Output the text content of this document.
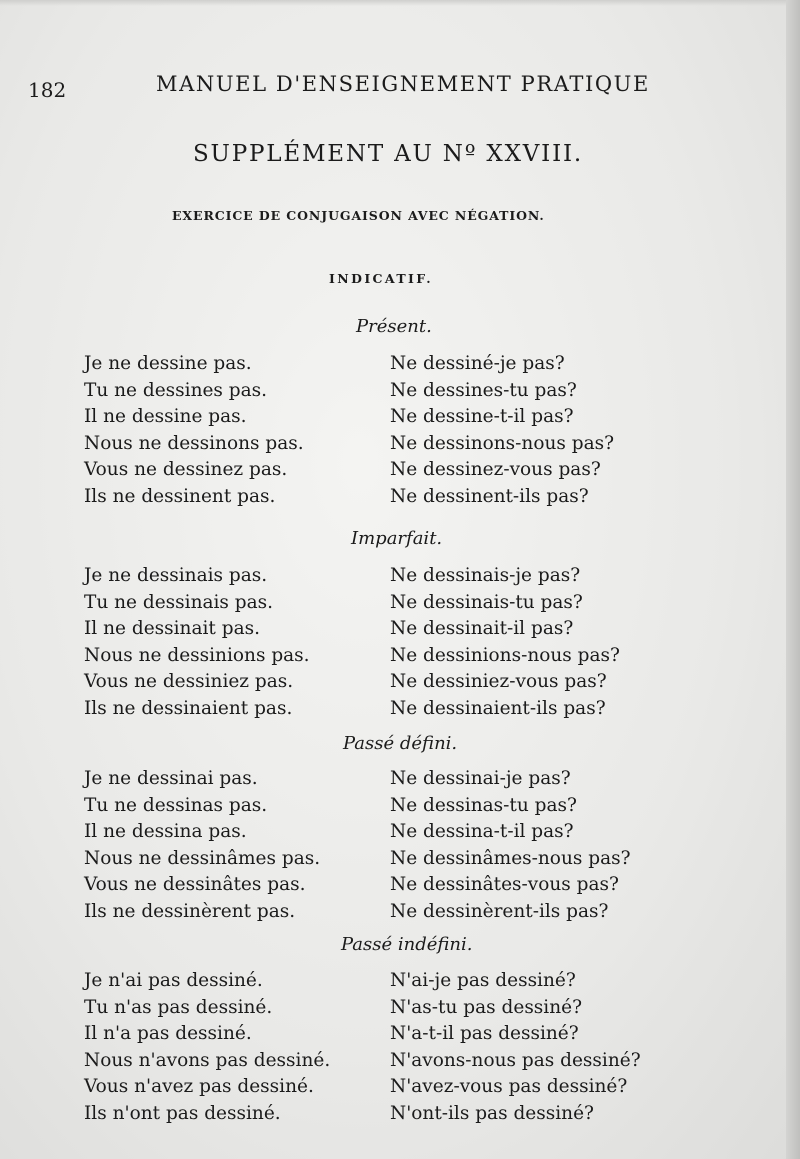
182	MANUEL D'ENSEIGNEMENT PRATIQUE
SUPPLÉMENT AU Nº XXVIII.
EXERCICE DE CONJUGAISON AVEC NÉGATION.
INDICATIF.
Présent.
Je ne dessine pas.
Tu ne dessines pas.
Il ne dessine pas.
Nous ne dessinons pas.
Vous ne dessinez pas.
Ils ne dessinent pas.
Ne dessiné-je pas?
Ne dessines-tu pas?
Ne dessine-t-il pas?
Ne dessinons-nous pas?
Ne dessinez-vous pas?
Ne dessinent-ils pas?
Imparfait.
Je ne dessinais pas.
Tu ne dessinais pas.
Il ne dessinait pas.
Nous ne dessinions pas.
Vous ne dessiniez pas.
Ils ne dessinaient pas.
Ne dessinais-je pas?
Ne dessinais-tu pas?
Ne dessinait-il pas?
Ne dessinions-nous pas?
Ne dessiniez-vous pas?
Ne dessinaient-ils pas?
Passé défini.
Je ne dessinai pas.
Tu ne dessinas pas.
Il ne dessina pas.
Nous ne dessinâmes pas.
Vous ne dessinâtes pas.
Ils ne dessinèrent pas.
Ne dessinai-je pas?
Ne dessinas-tu pas?
Ne dessina-t-il pas?
Ne dessinâmes-nous pas?
Ne dessinâtes-vous pas?
Ne dessinèrent-ils pas?
Passé indéfini.
Je n'ai pas dessiné.
Tu n'as pas dessiné.
Il n'a pas dessiné.
Nous n'avons pas dessiné.
Vous n'avez pas dessiné.
Ils n'ont pas dessiné.
N'ai-je pas dessiné?
N'as-tu pas dessiné?
N'a-t-il pas dessiné?
N'avons-nous pas dessiné?
N'avez-vous pas dessiné?
N'ont-ils pas dessiné?
